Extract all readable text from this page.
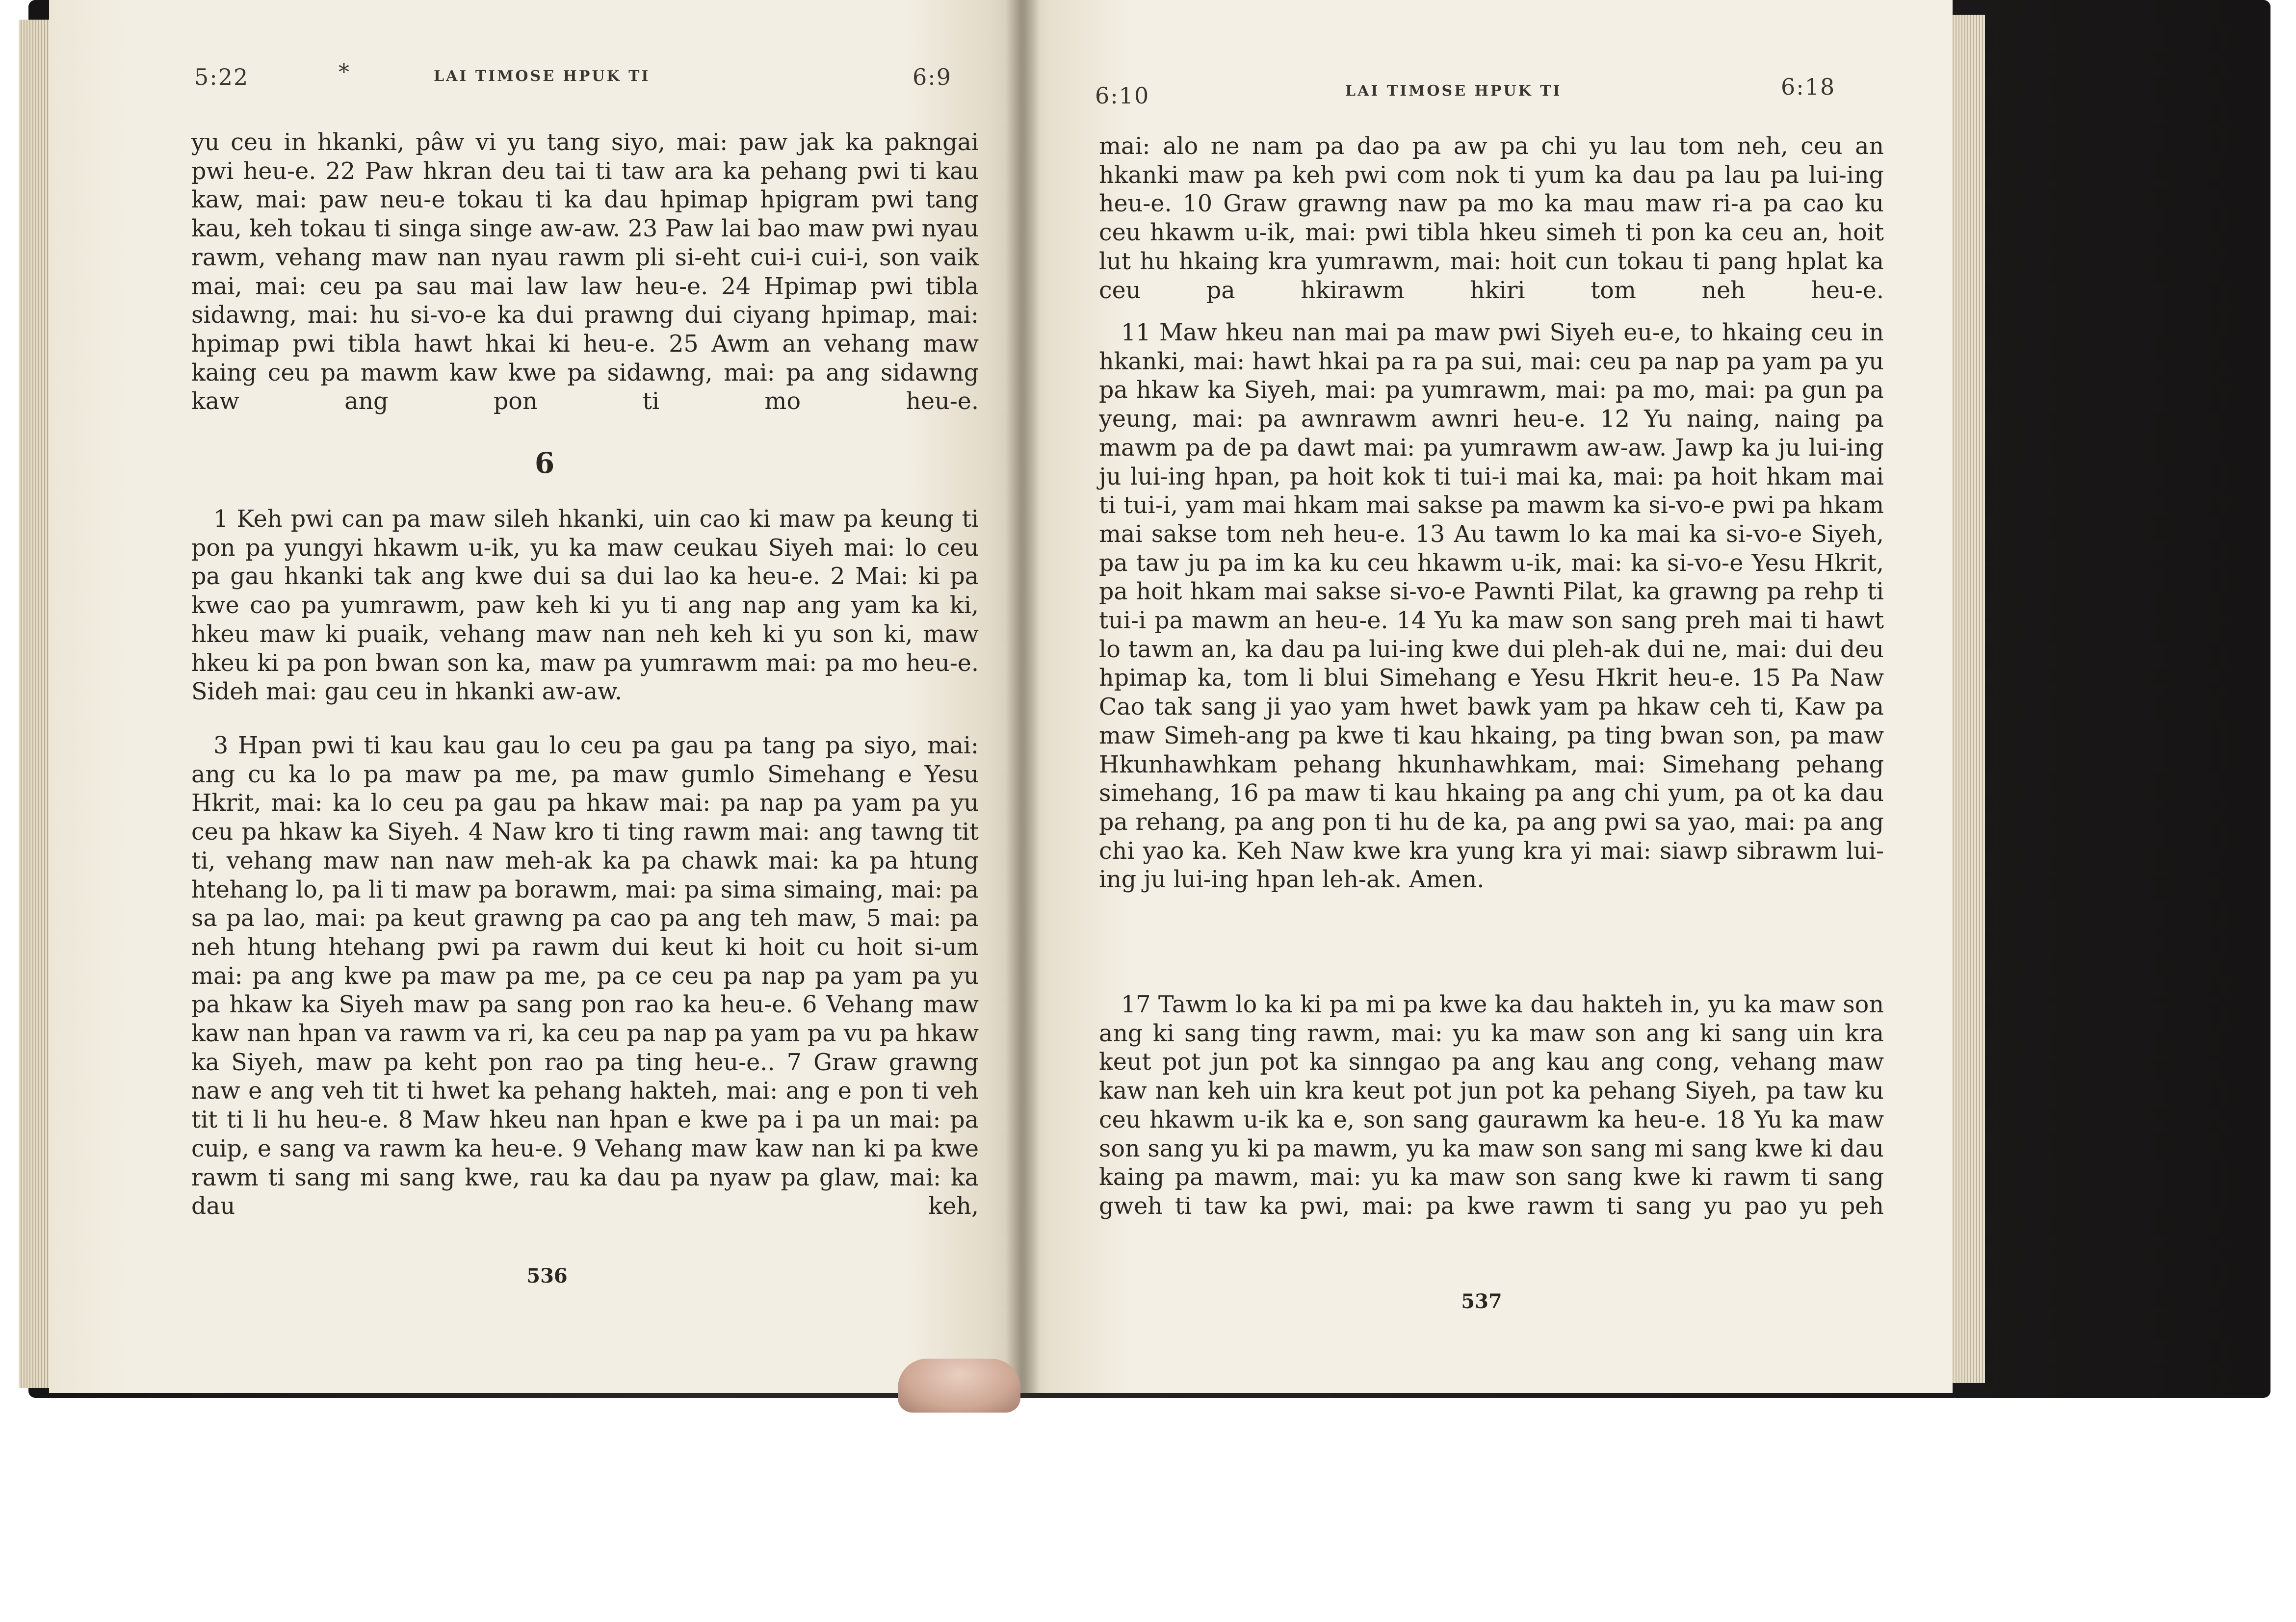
5:22	*	LAI TIMOSE HPUK TI	6:9

yu ceu in hkanki, pâw vi yu tang siyo, mai: paw jak ka pakngai pwi heu-e. 22 Paw hkran deu tai ti taw ara ka pehang pwi ti kau kaw, mai: paw neu-e tokau ti ka dau hpimap hpigram pwi tang kau, keh tokau ti singa singe aw-aw. 23 Paw lai bao maw pwi nyau rawm, vehang maw nan nyau rawm pli si-eht cui-i cui-i, son vaik mai, mai: ceu pa sau mai law law heu-e. 24 Hpimap pwi tibla sidawng, mai: hu si-vo-e ka dui prawng dui ciyang hpimap, mai: hpimap pwi tibla hawt hkai ki heu-e. 25 Awm an vehang maw kaing ceu pa mawm kaw kwe pa sidawng, mai: pa ang sidawng kaw ang pon ti mo heu-e.

6

1 Keh pwi can pa maw sileh hkanki, uin cao ki maw pa keung ti pon pa yungyi hkawm u-ik, yu ka maw ceukau Siyeh mai: lo ceu pa gau hkanki tak ang kwe dui sa dui lao ka heu-e. 2 Mai: ki pa kwe cao pa yumrawm, paw keh ki yu ti ang nap ang yam ka ki, hkeu maw ki puaik, vehang maw nan neh keh ki yu son ki, maw hkeu ki pa pon bwan son ka, maw pa yumrawm mai: pa mo heu-e. Sideh mai: gau ceu in hkanki aw-aw.

3 Hpan pwi ti kau kau gau lo ceu pa gau pa tang pa siyo, mai: ang cu ka lo pa maw pa me, pa maw gumlo Simehang e Yesu Hkrit, mai: ka lo ceu pa gau pa hkaw mai: pa nap pa yam pa yu ceu pa hkaw ka Siyeh. 4 Naw kro ti ting rawm mai: ang tawng tit ti, vehang maw nan naw meh-ak ka pa chawk mai: ka pa htung htehang lo, pa li ti maw pa borawm, mai: pa sima simaing, mai: pa sa pa lao, mai: pa keut grawng pa cao pa ang teh maw, 5 mai: pa neh htung htehang pwi pa rawm dui keut ki hoit cu hoit si-um mai: pa ang kwe pa maw pa me, pa ce ceu pa nap pa yam pa yu pa hkaw ka Siyeh maw pa sang pon rao ka heu-e. 6 Vehang maw kaw nan hpan va rawm va ri, ka ceu pa nap pa yam pa vu pa hkaw ka Siyeh, maw pa keht pon rao pa ting heu-e.. 7 Graw grawng naw e ang veh tit ti hwet ka pehang hakteh, mai: ang e pon ti veh tit ti li hu heu-e. 8 Maw hkeu nan hpan e kwe pa i pa un mai: pa cuip, e sang va rawm ka heu-e. 9 Vehang maw kaw nan ki pa kwe rawm ti sang mi sang kwe, rau ka dau pa nyaw pa glaw, mai: ka dau keh,

536
6:10	LAI TIMOSE HPUK TI	6:18

mai: alo ne nam pa dao pa aw pa chi yu lau tom neh, ceu an hkanki maw pa keh pwi com nok ti yum ka dau pa lau pa lui-ing heu-e. 10 Graw grawng naw pa mo ka mau maw ri-a pa cao ku ceu hkawm u-ik, mai: pwi tibla hkeu simeh ti pon ka ceu an, hoit lut hu hkaing kra yumrawm, mai: hoit cun tokau ti pang hplat ka ceu pa hkirawm hkiri tom neh heu-e.

11 Maw hkeu nan mai pa maw pwi Siyeh eu-e, to hkaing ceu in hkanki, mai: hawt hkai pa ra pa sui, mai: ceu pa nap pa yam pa yu pa hkaw ka Siyeh, mai: pa yumrawm, mai: pa mo, mai: pa gun pa yeung, mai: pa awnrawm awnri heu-e. 12 Yu naing, naing pa mawm pa de pa dawt mai: pa yumrawm aw-aw. Jawp ka ju lui-ing ju lui-ing hpan, pa hoit kok ti tui-i mai ka, mai: pa hoit hkam mai ti tui-i, yam mai hkam mai sakse pa mawm ka si-vo-e pwi pa hkam mai sakse tom neh heu-e. 13 Au tawm lo ka mai ka si-vo-e Siyeh, pa taw ju pa im ka ku ceu hkawm u-ik, mai: ka si-vo-e Yesu Hkrit, pa hoit hkam mai sakse si-vo-e Pawnti Pilat, ka grawng pa rehp ti tui-i pa mawm an heu-e. 14 Yu ka maw son sang preh mai ti hawt lo tawm an, ka dau pa lui-ing kwe dui pleh-ak dui ne, mai: dui deu hpimap ka, tom li blui Simehang e Yesu Hkrit heu-e. 15 Pa Naw Cao tak sang ji yao yam hwet bawk yam pa hkaw ceh ti, Kaw pa maw Simeh-ang pa kwe ti kau hkaing, pa ting bwan son, pa maw Hkunhawhkam pehang hkunhawhkam, mai: Simehang pehang simehang, 16 pa maw ti kau hkaing pa ang chi yum, pa ot ka dau pa rehang, pa ang pon ti hu de ka, pa ang pwi sa yao, mai: pa ang chi yao ka. Keh Naw kwe kra yung kra yi mai: siawp sibrawm lui-ing ju lui-ing hpan leh-ak. Amen.

17 Tawm lo ka ki pa mi pa kwe ka dau hakteh in, yu ka maw son ang ki sang ting rawm, mai: yu ka maw son ang ki sang uin kra keut pot jun pot ka sinngao pa ang kau ang cong, vehang maw kaw nan keh uin kra keut pot jun pot ka pehang Siyeh, pa taw ku ceu hkawm u-ik ka e, son sang gaurawm ka heu-e. 18 Yu ka maw son sang yu ki pa mawm, yu ka maw son sang mi sang kwe ki dau kaing pa mawm, mai: yu ka maw son sang kwe ki rawm ti sang gweh ti taw ka pwi, mai: pa kwe rawm ti sang yu pao yu peh

537
